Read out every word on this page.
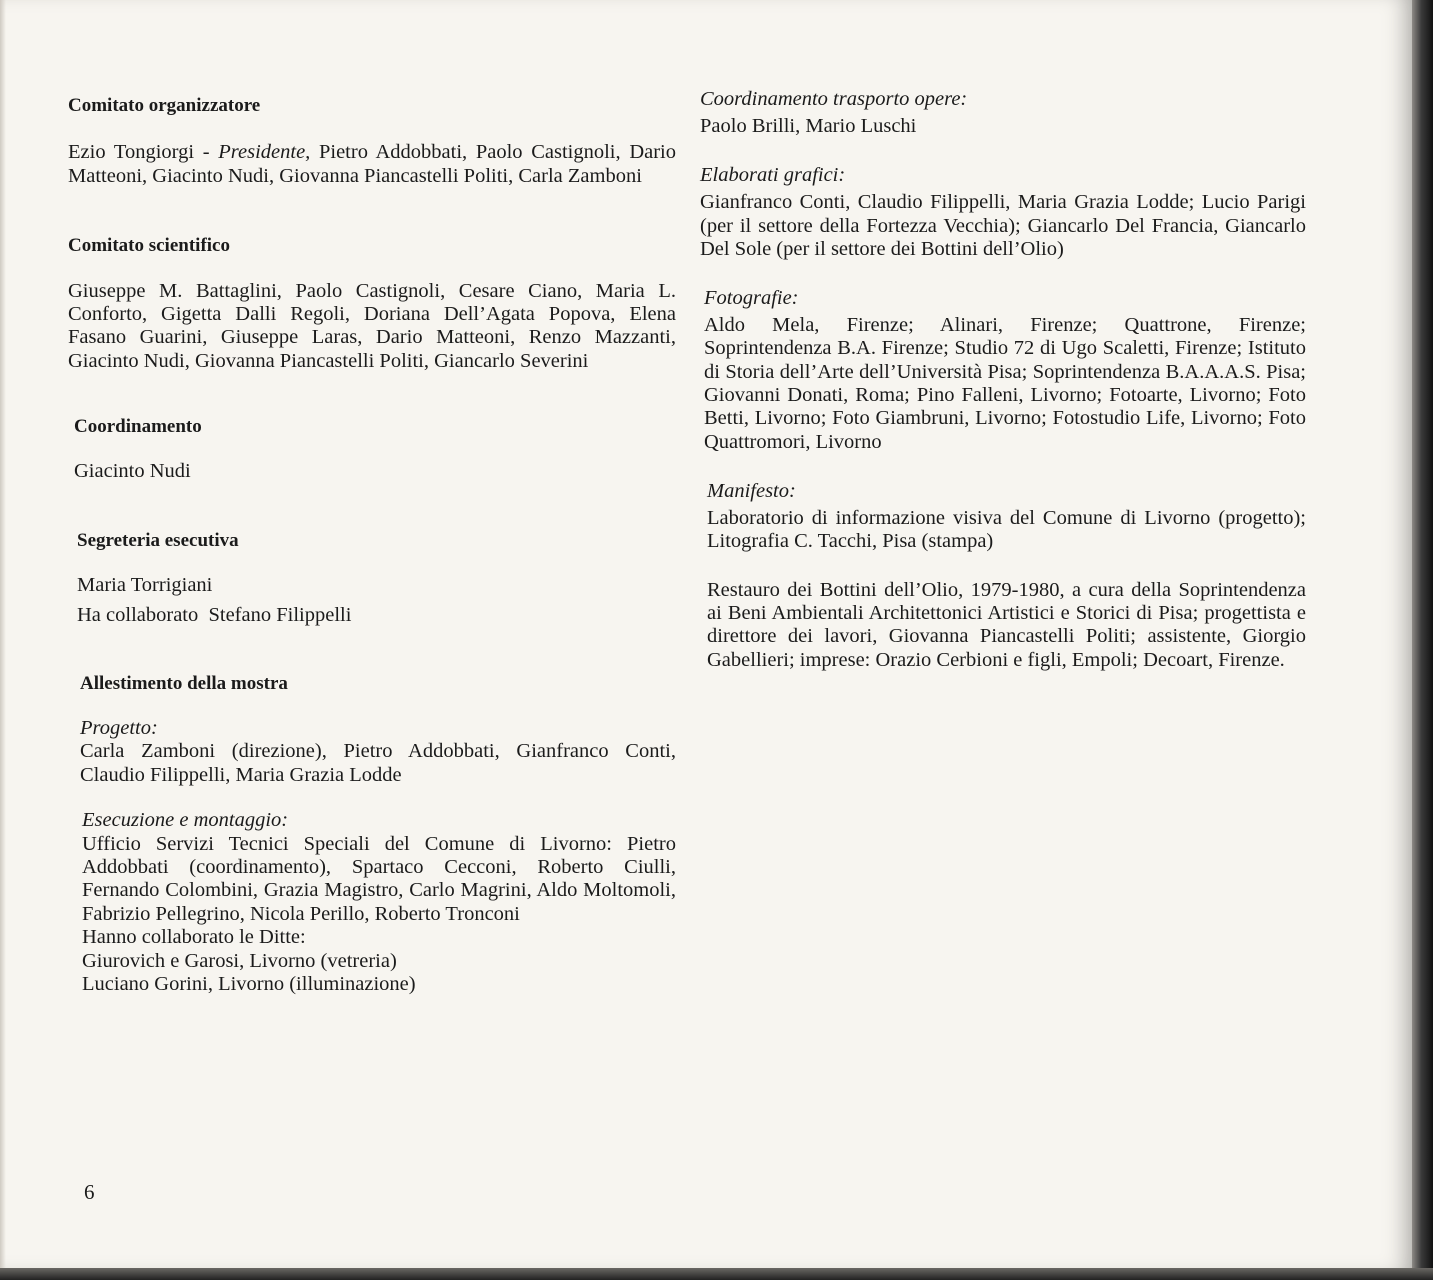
Comitato organizzatore

Ezio Tongiorgi - Presidente, Pietro Addobbati, Paolo Castignoli, Dario Matteoni, Giacinto Nudi, Giovanna Piancastelli Politi, Carla Zamboni

Comitato scientifico

Giuseppe M. Battaglini, Paolo Castignoli, Cesare Ciano, Maria L. Conforto, Gigetta Dalli Regoli, Doriana Dell’Agata Popova, Elena Fasano Guarini, Giuseppe Laras, Dario Matteoni, Renzo Mazzanti, Giacinto Nudi, Giovanna Piancastelli Politi, Giancarlo Severini

Coordinamento

Giacinto Nudi

Segreteria esecutiva

Maria Torrigiani

Ha collaborato  Stefano Filippelli

Allestimento della mostra

Progetto:

Carla Zamboni (direzione), Pietro Addobbati, Gianfranco Conti, Claudio Filippelli, Maria Grazia Lodde

Esecuzione e montaggio:

Ufficio Servizi Tecnici Speciali del Comune di Livorno: Pietro Addobbati (coordinamento), Spartaco Cecconi, Roberto Ciulli, Fernando Colombini, Grazia Magistro, Carlo Magrini, Aldo Moltomoli, Fabrizio Pellegrino, Nicola Perillo, Roberto Tronconi

Hanno collaborato le Ditte:

Giurovich e Garosi, Livorno (vetreria)

Luciano Gorini, Livorno (illuminazione)

Coordinamento trasporto opere:

Paolo Brilli, Mario Luschi

Elaborati grafici:

Gianfranco Conti, Claudio Filippelli, Maria Grazia Lodde; Lucio Parigi (per il settore della Fortezza Vecchia); Giancarlo Del Francia, Giancarlo Del Sole (per il settore dei Bottini dell’Olio)

Fotografie:

Aldo Mela, Firenze; Alinari, Firenze; Quattrone, Firenze; Soprintendenza B.A. Firenze; Studio 72 di Ugo Scaletti, Firenze; Istituto di Storia dell’Arte dell’Università Pisa; Soprintendenza B.A.A.A.S. Pisa; Giovanni Donati, Roma; Pino Falleni, Livorno; Fotoarte, Livorno; Foto Betti, Livorno; Foto Giambruni, Livorno; Fotostudio Life, Livorno; Foto Quattromori, Livorno

Manifesto:

Laboratorio di informazione visiva del Comune di Livorno (progetto); Litografia C. Tacchi, Pisa (stampa)

Restauro dei Bottini dell’Olio, 1979-1980, a cura della Soprintendenza ai Beni Ambientali Architettonici Artistici e Storici di Pisa; progettista e direttore dei lavori, Giovanna Piancastelli Politi; assistente, Giorgio Gabellieri; imprese: Orazio Cerbioni e figli, Empoli; Decoart, Firenze.

6
